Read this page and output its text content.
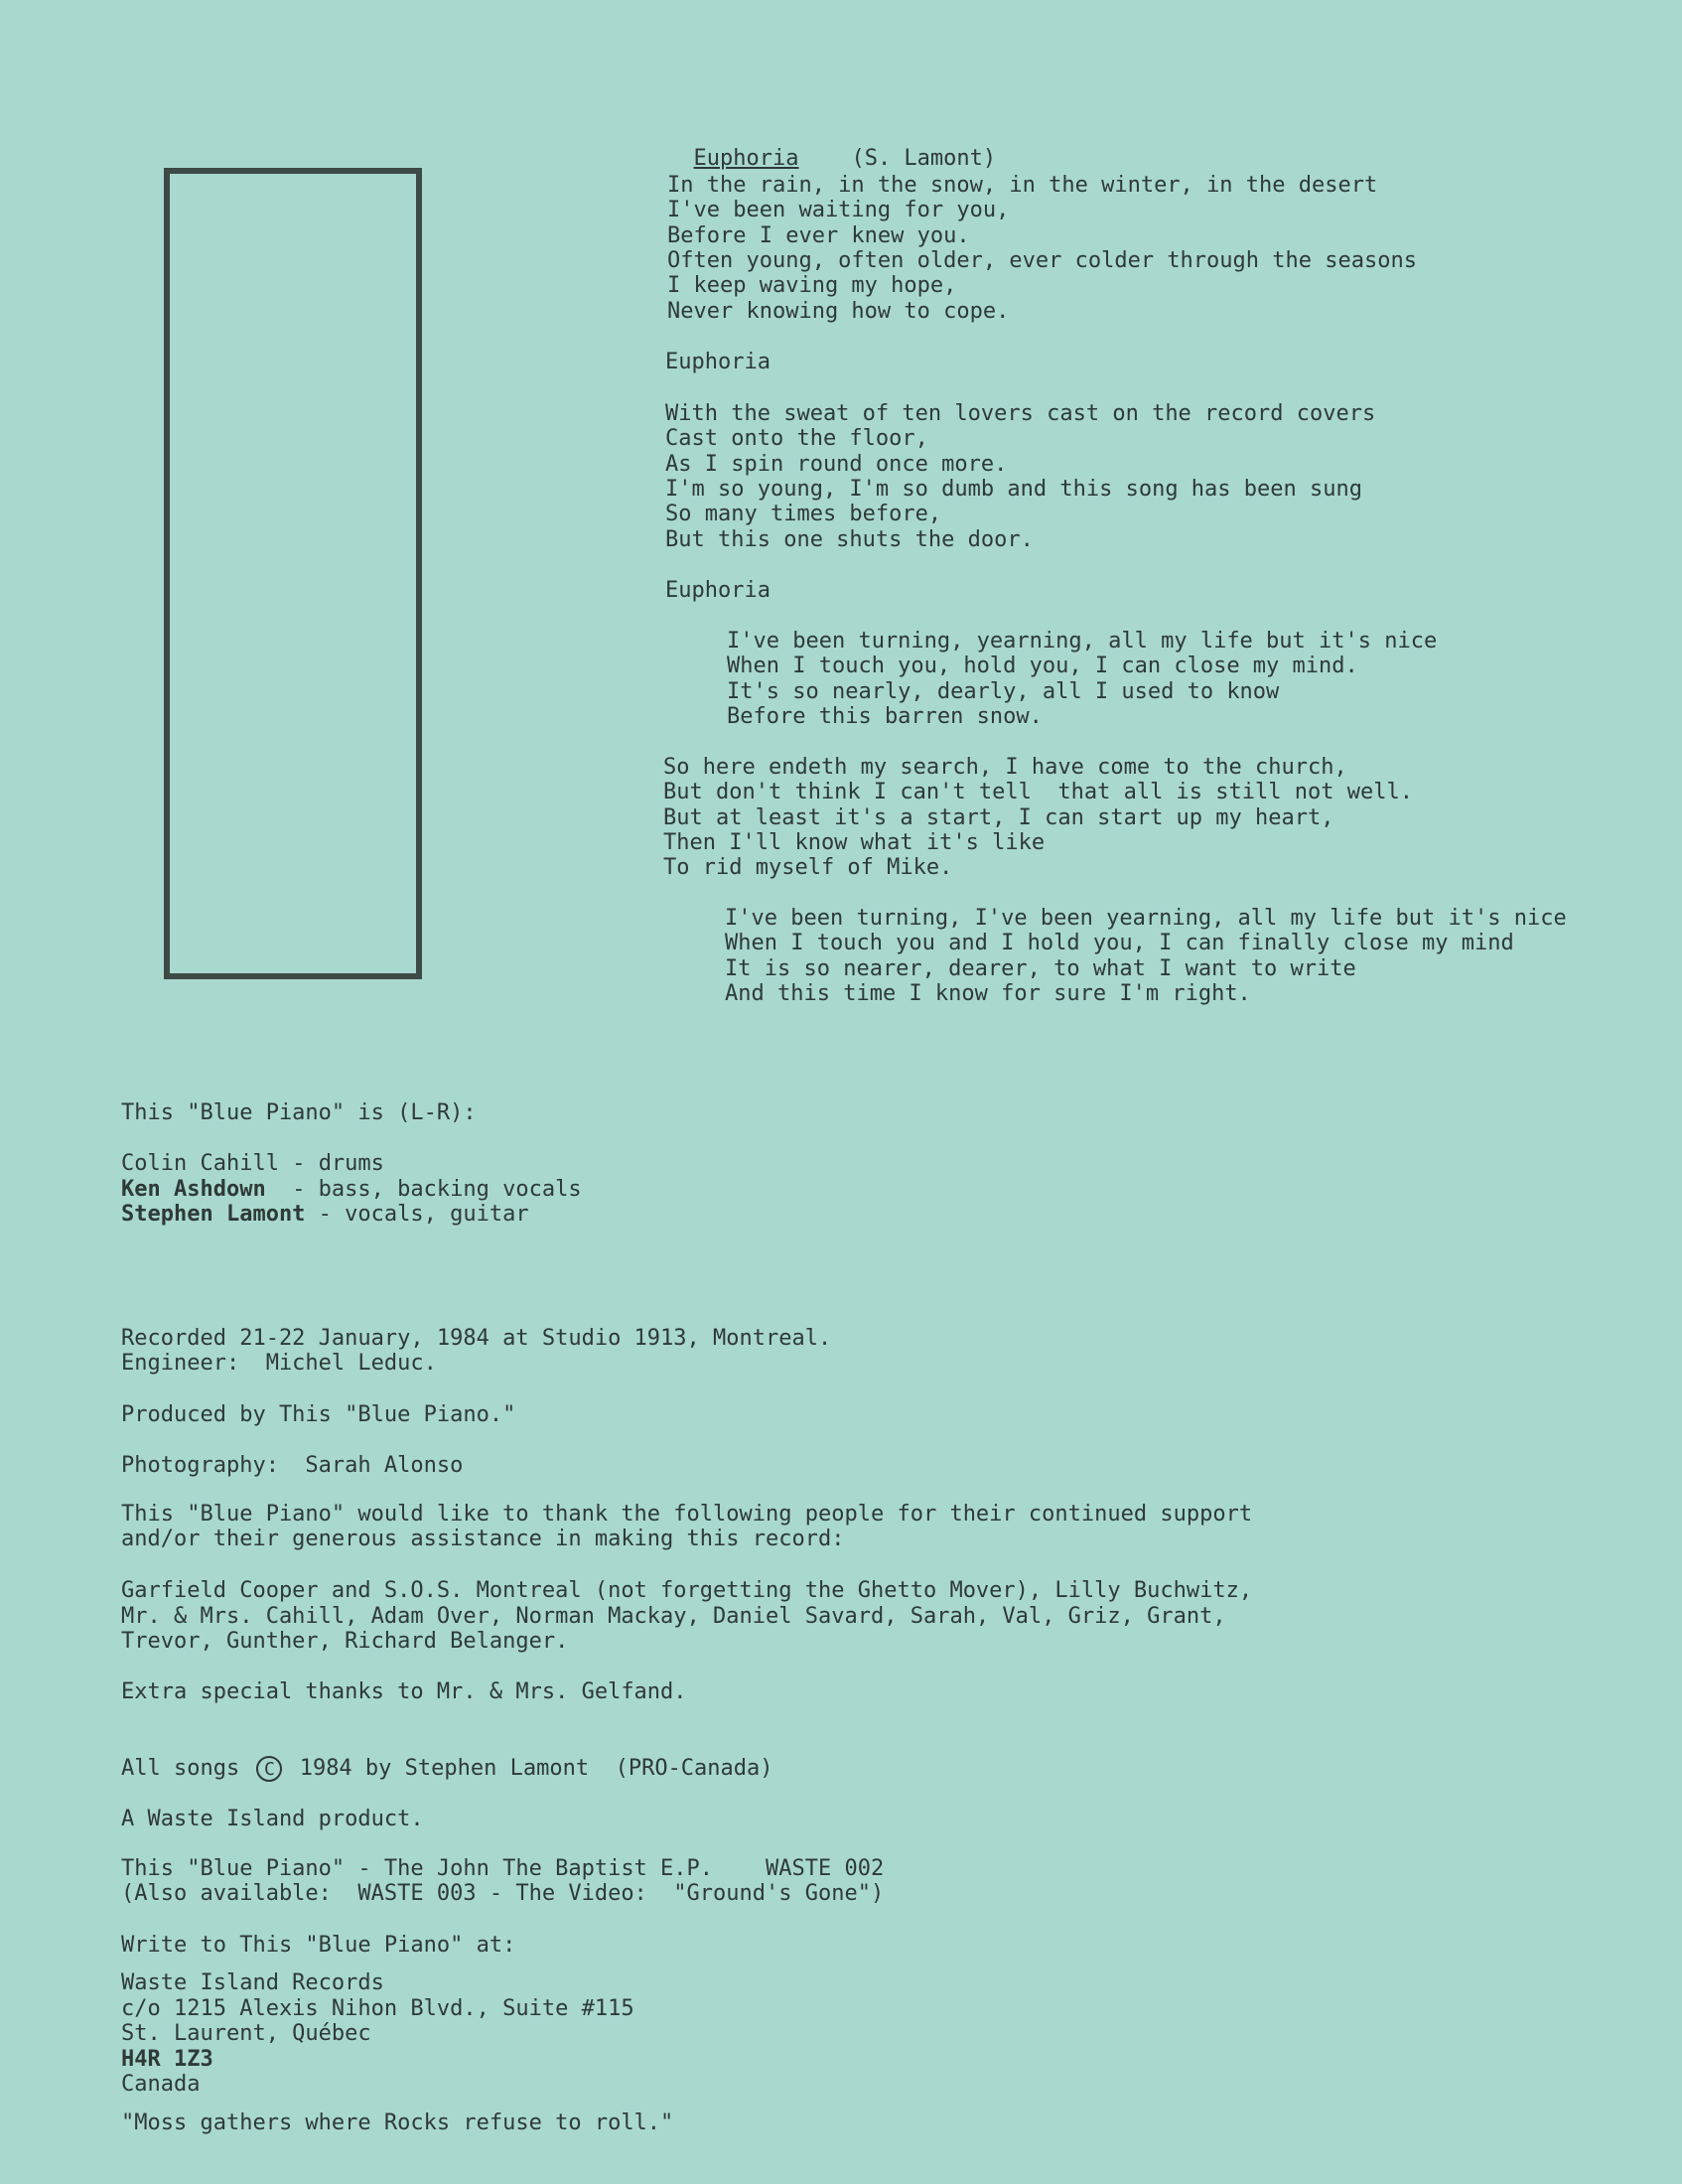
Euphoria (S. Lamont)

In the rain, in the snow, in the winter, in the desert
I've been waiting for you,
Before I ever knew you.
Often young, often older, ever colder through the seasons
I keep waving my hope,
Never knowing how to cope.
Euphoria
With the sweat of ten lovers cast on the record covers
Cast onto the floor,
As I spin round once more.
I'm so young, I'm so dumb and this song has been sung
So many times before,
But this one shuts the door.
Euphoria
I've been turning, yearning, all my life but it's nice
When I touch you, hold you, I can close my mind.
It's so nearly, dearly, all I used to know
Before this barren snow.
So here endeth my search, I have come to the church,
But don't think I can't tell  that all is still not well.
But at least it's a start, I can start up my heart,
Then I'll know what it's like
To rid myself of Mike.
I've been turning, I've been yearning, all my life but it's nice
When I touch you and I hold you, I can finally close my mind
It is so nearer, dearer, to what I want to write
And this time I know for sure I'm right.
This "Blue Piano" is (L-R):
Colin Cahill - drums
Ken Ashdown  - bass, backing vocals
Stephen Lamont - vocals, guitar
Recorded 21-22 January, 1984 at Studio 1913, Montreal.
Engineer:  Michel Leduc.
Produced by This "Blue Piano."
Photography:  Sarah Alonso
This "Blue Piano" would like to thank the following people for their continued support
and/or their generous assistance in making this record:
Garfield Cooper and S.O.S. Montreal (not forgetting the Ghetto Mover), Lilly Buchwitz,
Mr. & Mrs. Cahill, Adam Over, Norman Mackay, Daniel Savard, Sarah, Val, Griz, Grant,
Trevor, Gunther, Richard Belanger.
Extra special thanks to Mr. & Mrs. Gelfand.
All songs C 1984 by Stephen Lamont  (PRO-Canada)
A Waste Island product.
This "Blue Piano" - The John The Baptist E.P.    WASTE 002
(Also available:  WASTE 003 - The Video:  "Ground's Gone")
Write to This "Blue Piano" at:
Waste Island Records
c/o 1215 Alexis Nihon Blvd., Suite #115
St. Laurent, Québec
H4R 1Z3
Canada
"Moss gathers where Rocks refuse to roll."
